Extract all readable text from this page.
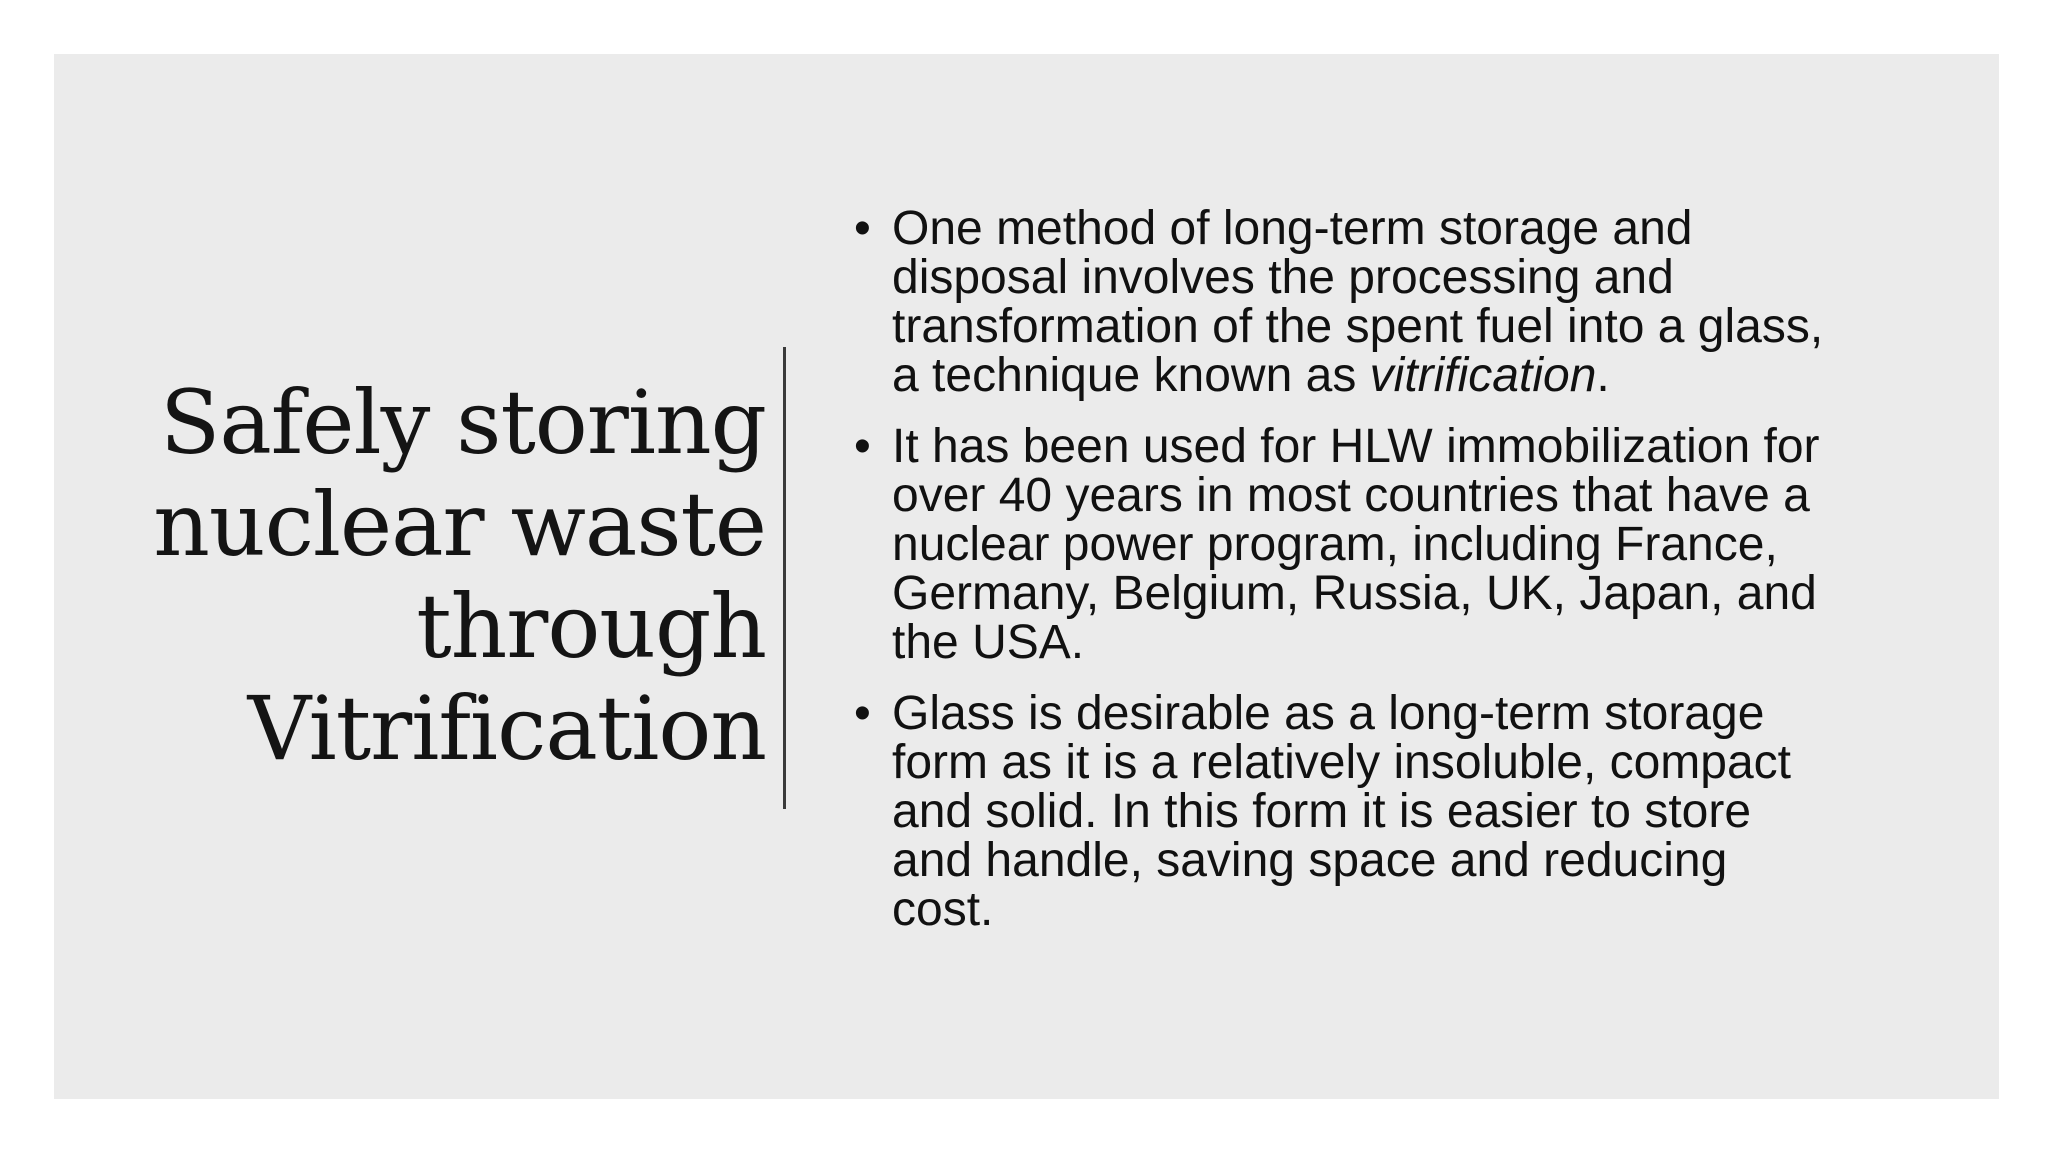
Safely storing
nuclear waste
through
Vitrification
• One method of long-term storage and
disposal involves the processing and
transformation of the spent fuel into a glass,
a technique known as vitrification.
• It has been used for HLW immobilization for
over 40 years in most countries that have a
nuclear power program, including France,
Germany, Belgium, Russia, UK, Japan, and
the USA.
• Glass is desirable as a long-term storage
form as it is a relatively insoluble, compact
and solid. In this form it is easier to store
and handle, saving space and reducing
cost.
